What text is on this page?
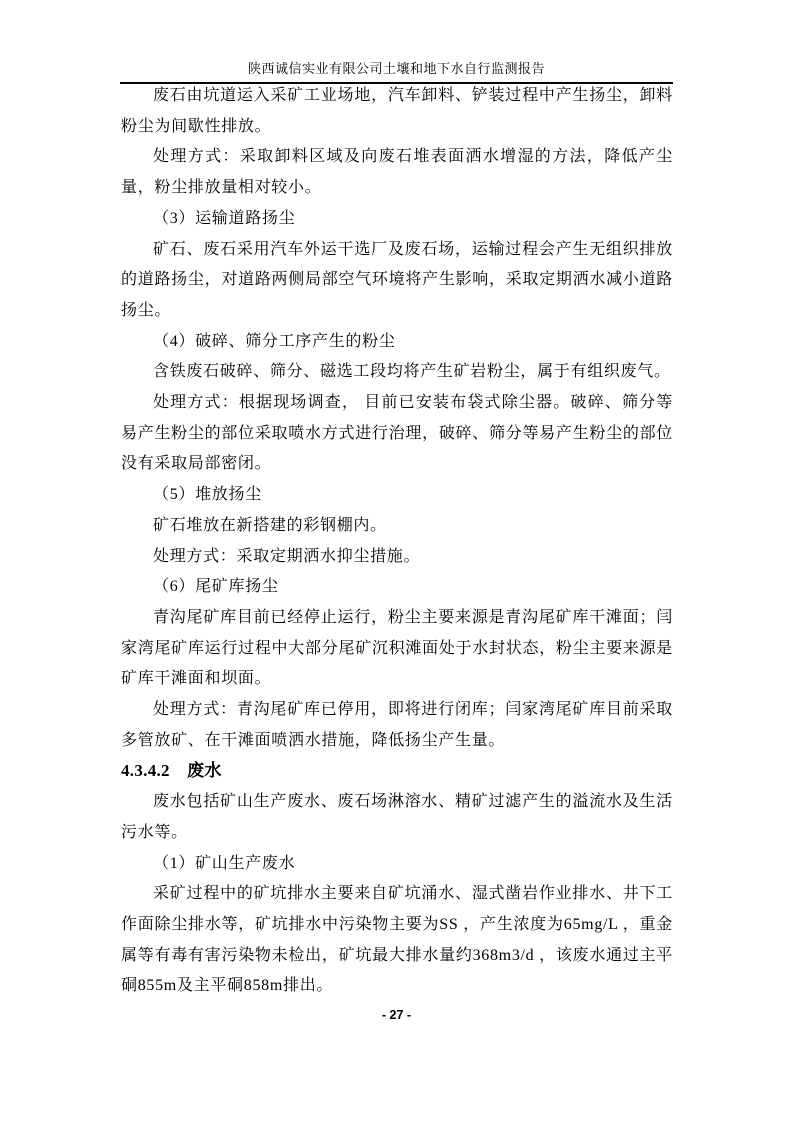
陕西诚信实业有限公司土壤和地下水自行监测报告

废石由坑道运入采矿工业场地，汽车卸料、铲装过程中产生扬尘，卸料粉尘为间歇性排放。

处理方式：采取卸料区域及向废石堆表面洒水增湿的方法，降低产尘量，粉尘排放量相对较小。

（3）运输道路扬尘

矿石、废石采用汽车外运干选厂及废石场，运输过程会产生无组织排放的道路扬尘，对道路两侧局部空气环境将产生影响，采取定期洒水减小道路扬尘。

（4）破碎、筛分工序产生的粉尘

含铁废石破碎、筛分、磁选工段均将产生矿岩粉尘，属于有组织废气。

处理方式：根据现场调查， 目前已安装布袋式除尘器。破碎、筛分等易产生粉尘的部位采取喷水方式进行治理，破碎、筛分等易产生粉尘的部位没有采取局部密闭。

（5）堆放扬尘

矿石堆放在新搭建的彩钢棚内。

处理方式：采取定期洒水抑尘措施。

（6）尾矿库扬尘

青沟尾矿库目前已经停止运行，粉尘主要来源是青沟尾矿库干滩面；闫家湾尾矿库运行过程中大部分尾矿沉积滩面处于水封状态，粉尘主要来源是矿库干滩面和坝面。

处理方式：青沟尾矿库已停用，即将进行闭库；闫家湾尾矿库目前采取多管放矿、在干滩面喷洒水措施，降低扬尘产生量。

4.3.4.2　废水

废水包括矿山生产废水、废石场淋溶水、精矿过滤产生的溢流水及生活污水等。

（1）矿山生产废水

采矿过程中的矿坑排水主要来自矿坑涌水、湿式凿岩作业排水、井下工作面除尘排水等，矿坑排水中污染物主要为SS ，产生浓度为65mg/L ，重金属等有毒有害污染物未检出，矿坑最大排水量约368m3/d ，该废水通过主平硐855m及主平硐858m排出。

- 27 -
